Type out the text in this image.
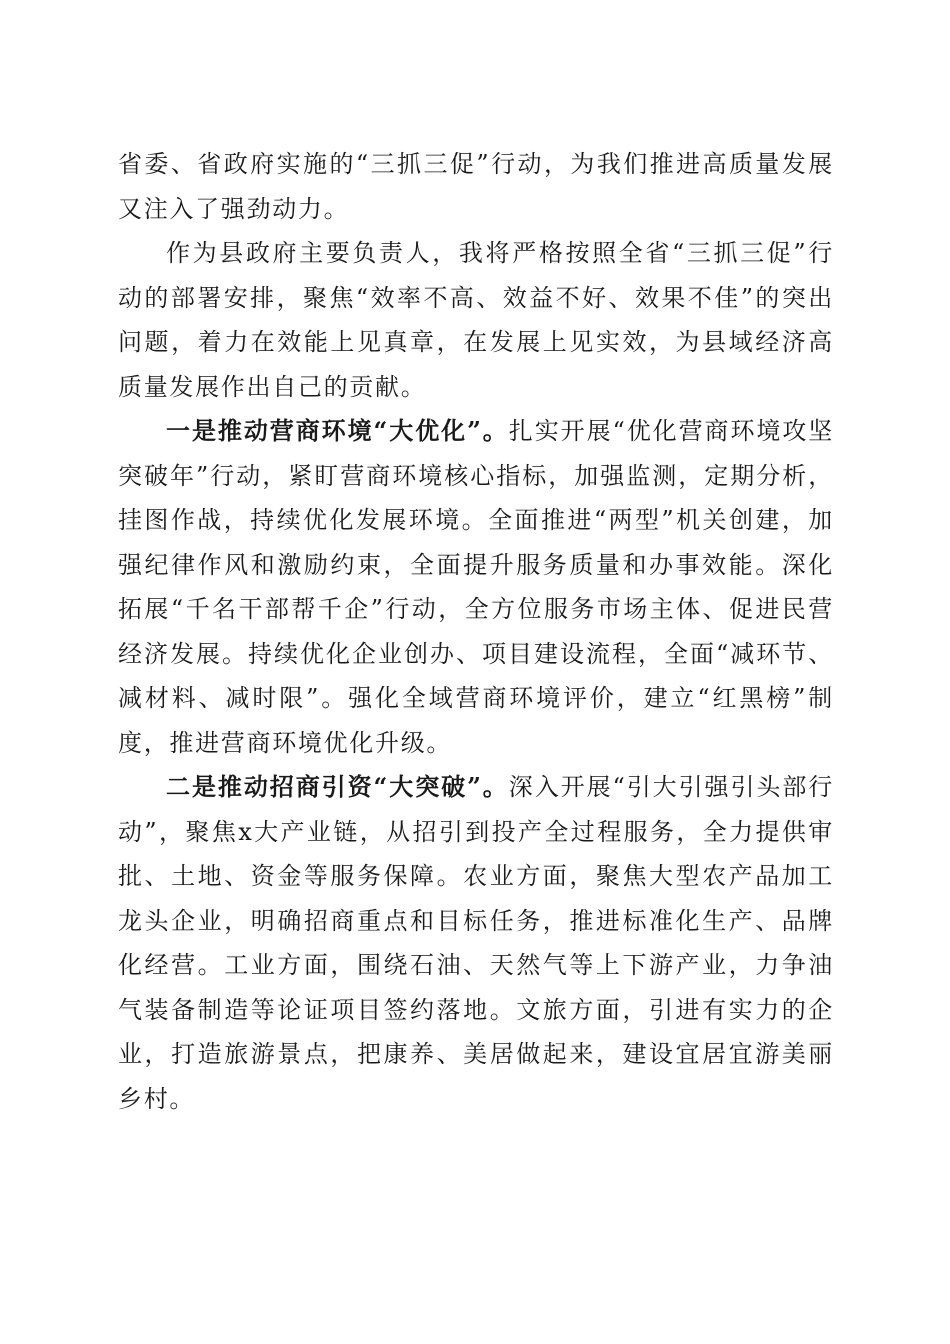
省委、省政府实施的“三抓三促”行动，为我们推进高质量发展又注入了强劲动力。

作为县政府主要负责人，我将严格按照全省“三抓三促”行动的部署安排，聚焦“效率不高、效益不好、效果不佳”的突出问题，着力在效能上见真章，在发展上见实效，为县域经济高质量发展作出自己的贡献。

一是推动营商环境“大优化”。扎实开展“优化营商环境攻坚突破年”行动，紧盯营商环境核心指标，加强监测，定期分析，挂图作战，持续优化发展环境。全面推进“两型”机关创建，加强纪律作风和激励约束，全面提升服务质量和办事效能。深化拓展“千名干部帮千企”行动，全方位服务市场主体、促进民营经济发展。持续优化企业创办、项目建设流程，全面“减环节、减材料、减时限”。强化全域营商环境评价，建立“红黑榜”制度，推进营商环境优化升级。

二是推动招商引资“大突破”。深入开展“引大引强引头部行动”，聚焦x大产业链，从招引到投产全过程服务，全力提供审批、土地、资金等服务保障。农业方面，聚焦大型农产品加工龙头企业，明确招商重点和目标任务，推进标准化生产、品牌化经营。工业方面，围绕石油、天然气等上下游产业，力争油气装备制造等论证项目签约落地。文旅方面，引进有实力的企业，打造旅游景点，把康养、美居做起来，建设宜居宜游美丽乡村。
